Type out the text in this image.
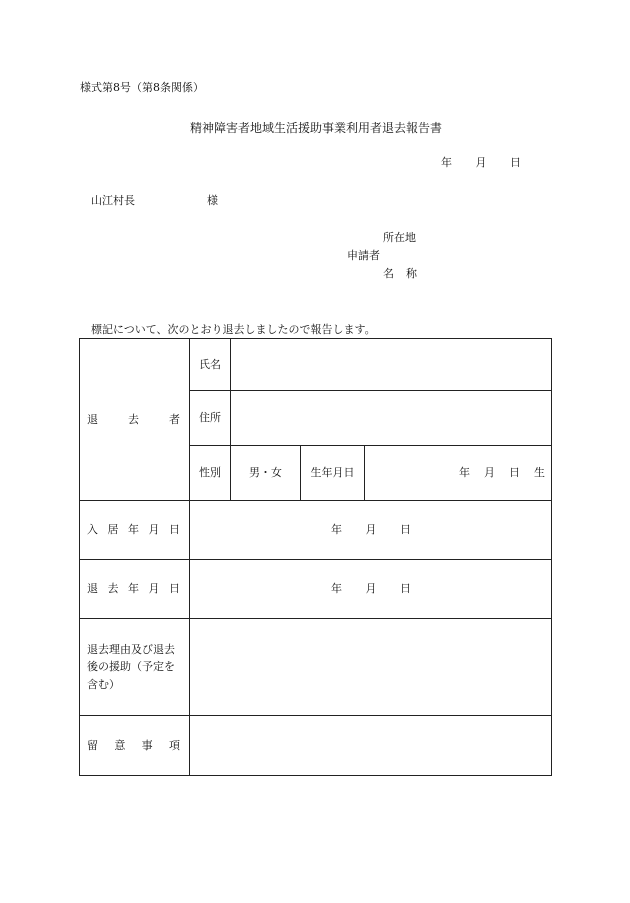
様式第8号（第8条関係）
精神障害者地域生活援助事業利用者退去報告書
年 月 日
山江村長	様
所在地
申請者
名 称
標記について、次のとおり退去しましたので報告します。
退 去 者	氏名			
	住所			
	性別	男・女	生年月日	年 月 日 生

入 居 年 月 日	年 月 日			

退 去 年 月 日	年 月 日			

退去理由及び退去後の援助（予定を含む）				

留 意 事 項				
